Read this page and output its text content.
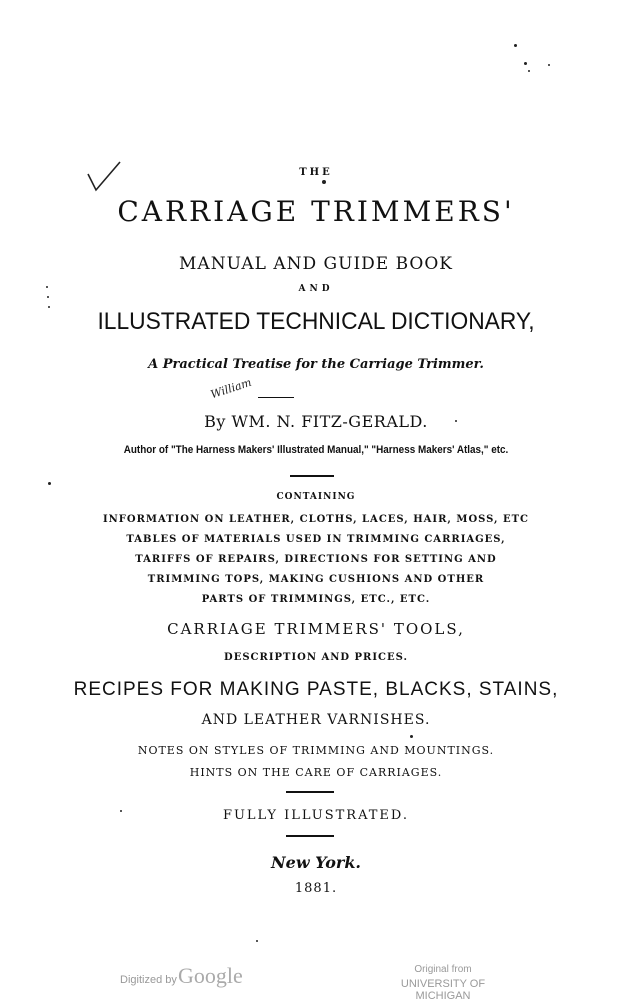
THE
CARRIAGE TRIMMERS'
MANUAL AND GUIDE BOOK
AND
ILLUSTRATED TECHNICAL DICTIONARY,
A Practical Treatise for the Carriage Trimmer.
William
By WM. N. FITZ-GERALD.
Author of "The Harness Makers' Illustrated Manual," "Harness Makers' Atlas," etc.
CONTAINING
INFORMATION ON LEATHER, CLOTHS, LACES, HAIR, MOSS, ETC
TABLES OF MATERIALS USED IN TRIMMING CARRIAGES,
TARIFFS OF REPAIRS, DIRECTIONS FOR SETTING AND
TRIMMING TOPS, MAKING CUSHIONS AND OTHER
PARTS OF TRIMMINGS, ETC., ETC.
CARRIAGE TRIMMERS' TOOLS,
DESCRIPTION AND PRICES.
RECIPES FOR MAKING PASTE, BLACKS, STAINS,
AND LEATHER VARNISHES.
NOTES ON STYLES OF TRIMMING AND MOUNTINGS.
HINTS ON THE CARE OF CARRIAGES.
FULLY ILLUSTRATED.
New York.
1881.
Digitized by Google	Original from
UNIVERSITY OF MICHIGAN
